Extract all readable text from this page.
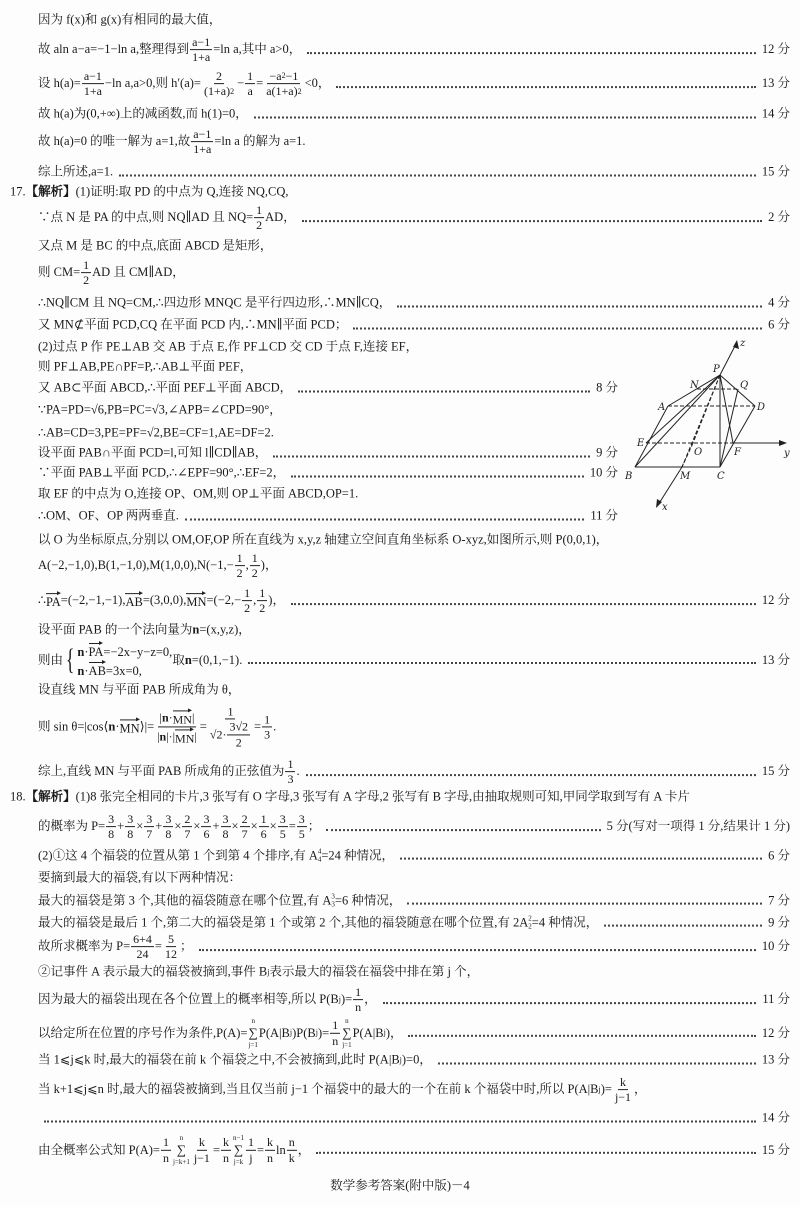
因为 f(x)和 g(x)有相同的最大值，
故 aln a−a=−1−ln a,整理得到 $\frac{a-1}{1+a} =\ln$ a,其中 a>0，	12 分
设 $h(a)= \frac{a-1}{1+a} -\ln$ a,a>0,则 $h'(a)= \frac{2}{(1+a) 2} - \frac{1}{a} = \frac{-a 2 -1}{a(1+a) 2} <0$，	13 分
故 h(a)为(0,+∞)上的减函数,而 h(1)=0，	14 分
故 h(a)=0 的唯一解为 a=1,故 $\frac{a-1}{1+a} =\ln$ a 的解为 a=1.
综上所述,a=1.	15 分
17. 【解析】 (1)证明:取 PD 的中点为 Q,连接 NQ,CQ,
∵点 N 是 PA 的中点,则 NQ∥AD 且 $NQ= \frac{1}{2}$ AD，	2 分
又点 M 是 BC 的中点,底面 ABCD 是矩形，
则 $CM= \frac{1}{2}$ AD 且 CM∥AD，
∴NQ∥CM 且 NQ=CM,∴四边形 MNQC 是平行四边形,∴MN∥CQ，	4 分
又 MN⊄平面 PCD,CQ 在平面 PCD 内,∴MN∥平面 PCD；	6 分
(2)过点 P 作 PE⊥AB 交 AB 于点 E,作 PF⊥CD 交 CD 于点 F,连接 EF，
则 PF⊥AB,PE∩PF=P,∴AB⊥平面 PEF，
又 AB⊂平面 ABCD,∴平面 PEF⊥平面 ABCD，	8 分
∵PA=PD=√6,PB=PC=√3,∠APB=∠CPD=90°，
∴AB=CD=3,PE=PF=√2,BE=CF=1,AE=DF=2.
设平面 PAB∩平面 PCD=l,可知 l∥CD∥AB，	9 分
∵平面 PAB⊥平面 PCD,∴∠EPF=90°,∴EF=2，	10 分
取 EF 的中点为 O,连接 OP、OM,则 OP⊥平面 ABCD,OP=1.
∴OM、OF、OP 两两垂直.	11 分
以 O 为坐标原点,分别以 OM,OF,OP 所在直线为 x,y,z 轴建立空间直角坐标系 O-xyz,如图所示,则 P(0,0,1)，
$A(-2,-1,0),B(1,-1,0),M(1,0,0),N(-1,- \frac{1}{2}$ , $\frac{1}{2}$ )，
∴ PA =(−2,−1,−1), AB =(3,0,0), MN $=(-2,- \frac{1}{2}$ , $\frac{1}{2}$ )，	12 分
设平面 PAB 的一个法向量为 n =(x,y,z)，
则由 { n·PA=−2x−y−z=0,
n·AB=3x=0,
取 n =(0,1,−1).	13 分
设直线 MN 与平面 PAB 所成角为 θ，
则 sin θ=|cos⟨ n · MN ⟩|= $\frac{| n \cdot MN |}{| n |\cdot| MN |} = \frac{1}{√2\cdot \frac{3√2}{2}} = \frac{1}{3}$ .
综上,直线 MN 与平面 PAB 所成角的正弦值为 $\frac{1}{3}$ .	15 分
18. 【解析】 (1)8 张完全相同的卡片,3 张写有 O 字母,3 张写有 A 字母,2 张写有 B 字母,由抽取规则可知,甲同学取到写有 A 卡片
的概率为 $P= \frac{3}{8} + \frac{3}{8} \times \frac{3}{7} + \frac{3}{8} \times \frac{2}{7} \times \frac{3}{6} + \frac{3}{8} \times \frac{2}{7} \times \frac{1}{6} \times \frac{3}{5} = \frac{3}{5}$ ；	5 分(写对一项得 1 分,结果计 1 分)
(2)①这 4 个福袋的位置从第 1 个到第 4 个排序,有 A 4
4 =24 种情况，	6 分
要摘到最大的福袋,有以下两种情况：
最大的福袋是第 3 个,其他的福袋随意在哪个位置,有 A 3
3 =6 种情况，	7 分
最大的福袋是最后 1 个,第二大的福袋是第 1 个或第 2 个,其他的福袋随意在哪个位置,有 2A 2
2 =4 种情况，	9 分
故所求概率为 $P= \frac{6+4}{24} = \frac{5}{12}$ ；	10 分
②记事件 A 表示最大的福袋被摘到,事件 B j 表示最大的福袋在福袋中排在第 j 个，
因为最大的福袋出现在各个位置上的概率相等,所以 P(B j )= $\frac{1}{n}$ ，	11 分
以给定所在位置的序号作为条件,P(A)=
n
∑
j=1
P(A|B j )P(B j )= $\frac{1}{n}$ n
∑
j=1
P(A|B j )，	12 分
当 1⩽j⩽k 时,最大的福袋在前 k 个福袋之中,不会被摘到,此时 P(A|B j )=0，	13 分
当 k+1⩽j⩽n 时,最大的福袋被摘到,当且仅当前 j−1 个福袋中的最大的一个在前 k 个福袋中时,所以 P(A|B j )= $\frac{k}{j-1}$ ，
14 分
由全概率公式知 $P(A)= \frac{1}{n}$ n
∑
$j=k+1 \frac{k}{j-1} = \frac{k}{n} n-1$
∑
$j=k \frac{1}{j} = \frac{k}{n}$ $\ln \frac{n}{k}$ ，	15 分
P
z
N	Q
A	D
E
O	F	y
B	M	C
x
数学参考答案(附中版)－4
